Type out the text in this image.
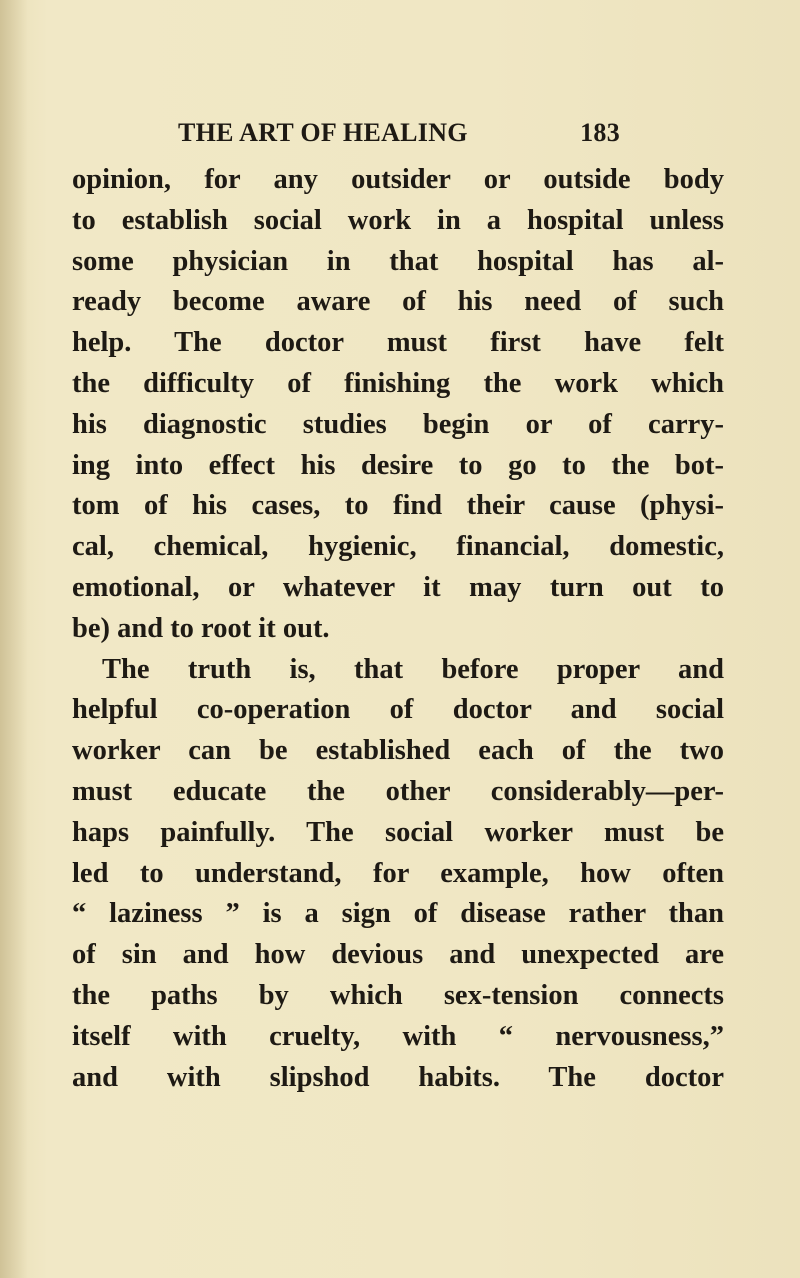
THE ART OF HEALING	183
opinion, for any outsider or outside body
to establish social work in a hospital unless
some physician in that hospital has al-
ready become aware of his need of such
help. The doctor must first have felt
the difficulty of finishing the work which
his diagnostic studies begin or of carry-
ing into effect his desire to go to the bot-
tom of his cases, to find their cause (physi-
cal, chemical, hygienic, financial, domestic,
emotional, or whatever it may turn out to
be) and to root it out.
The truth is, that before proper and
helpful co-operation of doctor and social
worker can be established each of the two
must educate the other considerably—per-
haps painfully. The social worker must be
led to understand, for example, how often
“ laziness ” is a sign of disease rather than
of sin and how devious and unexpected are
the paths by which sex-tension connects
itself with cruelty, with “ nervousness,”
and with slipshod habits. The doctor
